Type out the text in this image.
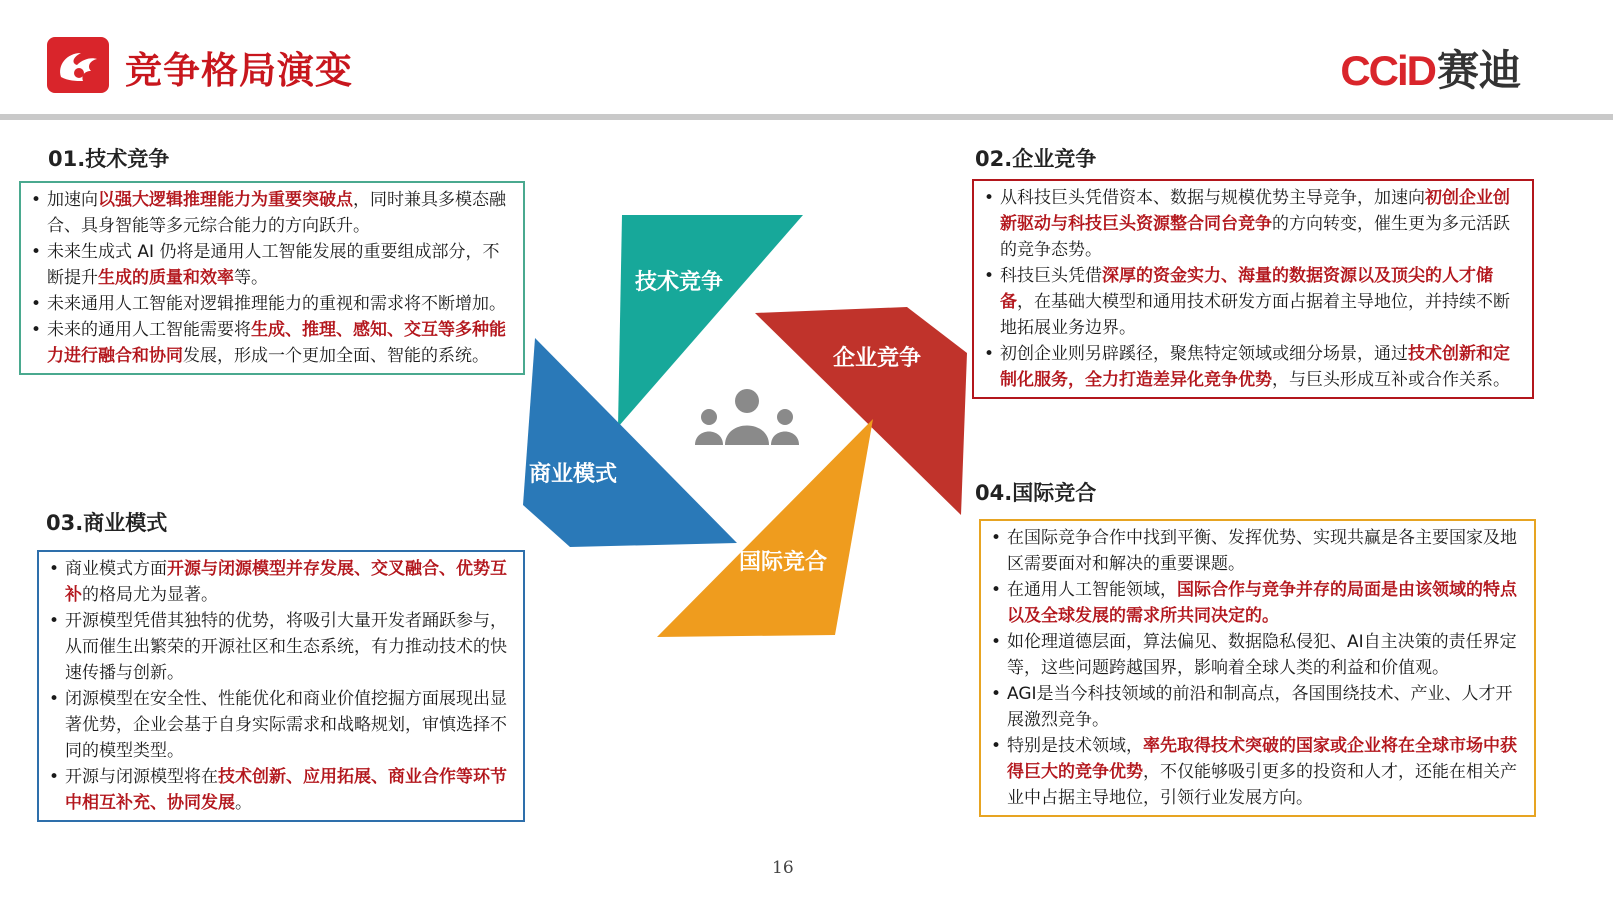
竞争格局演变	CCiD赛迪
01.技术竞争	02.企业竞争
03.商业模式
04.国际竞合
• 加速向以强大逻辑推理能力为重要突破点，同时兼具多模态融合、具身智能等多元综合能力的方向跃升。
• 未来生成式 AI 仍将是通用人工智能发展的重要组成部分，不断提升生成的质量和效率等。
• 未来通用人工智能对逻辑推理能力的重视和需求将不断增加。
• 未来的通用人工智能需要将生成、推理、感知、交互等多种能力进行融合和协同发展，形成一个更加全面、智能的系统。
• 从科技巨头凭借资本、数据与规模优势主导竞争，加速向初创企业创新驱动与科技巨头资源整合同台竞争的方向转变，催生更为多元活跃的竞争态势。
• 科技巨头凭借深厚的资金实力、海量的数据资源以及顶尖的人才储备，在基础大模型和通用技术研发方面占据着主导地位，并持续不断地拓展业务边界。
• 初创企业则另辟蹊径，聚焦特定领域或细分场景，通过技术创新和定制化服务，全力打造差异化竞争优势，与巨头形成互补或合作关系。
• 商业模式方面开源与闭源模型并存发展、交叉融合、优势互补的格局尤为显著。
• 开源模型凭借其独特的优势，将吸引大量开发者踊跃参与，从而催生出繁荣的开源社区和生态系统，有力推动技术的快速传播与创新。
• 闭源模型在安全性、性能优化和商业价值挖掘方面展现出显著优势，企业会基于自身实际需求和战略规划，审慎选择不同的模型类型。
• 开源与闭源模型将在技术创新、应用拓展、商业合作等环节中相互补充、协同发展。
• 在国际竞争合作中找到平衡、发挥优势、实现共赢是各主要国家及地区需要面对和解决的重要课题。
• 在通用人工智能领域，国际合作与竞争并存的局面是由该领域的特点以及全球发展的需求所共同决定的。
• 如伦理道德层面，算法偏见、数据隐私侵犯、AI自主决策的责任界定等，这些问题跨越国界，影响着全球人类的利益和价值观。
• AGI是当今科技领域的前沿和制高点，各国围绕技术、产业、人才开展激烈竞争。
• 特别是技术领域，率先取得技术突破的国家或企业将在全球市场中获得巨大的竞争优势，不仅能够吸引更多的投资和人才，还能在相关产业中占据主导地位，引领行业发展方向。
技术竞争
企业竞争
商业模式
国际竞合
16
